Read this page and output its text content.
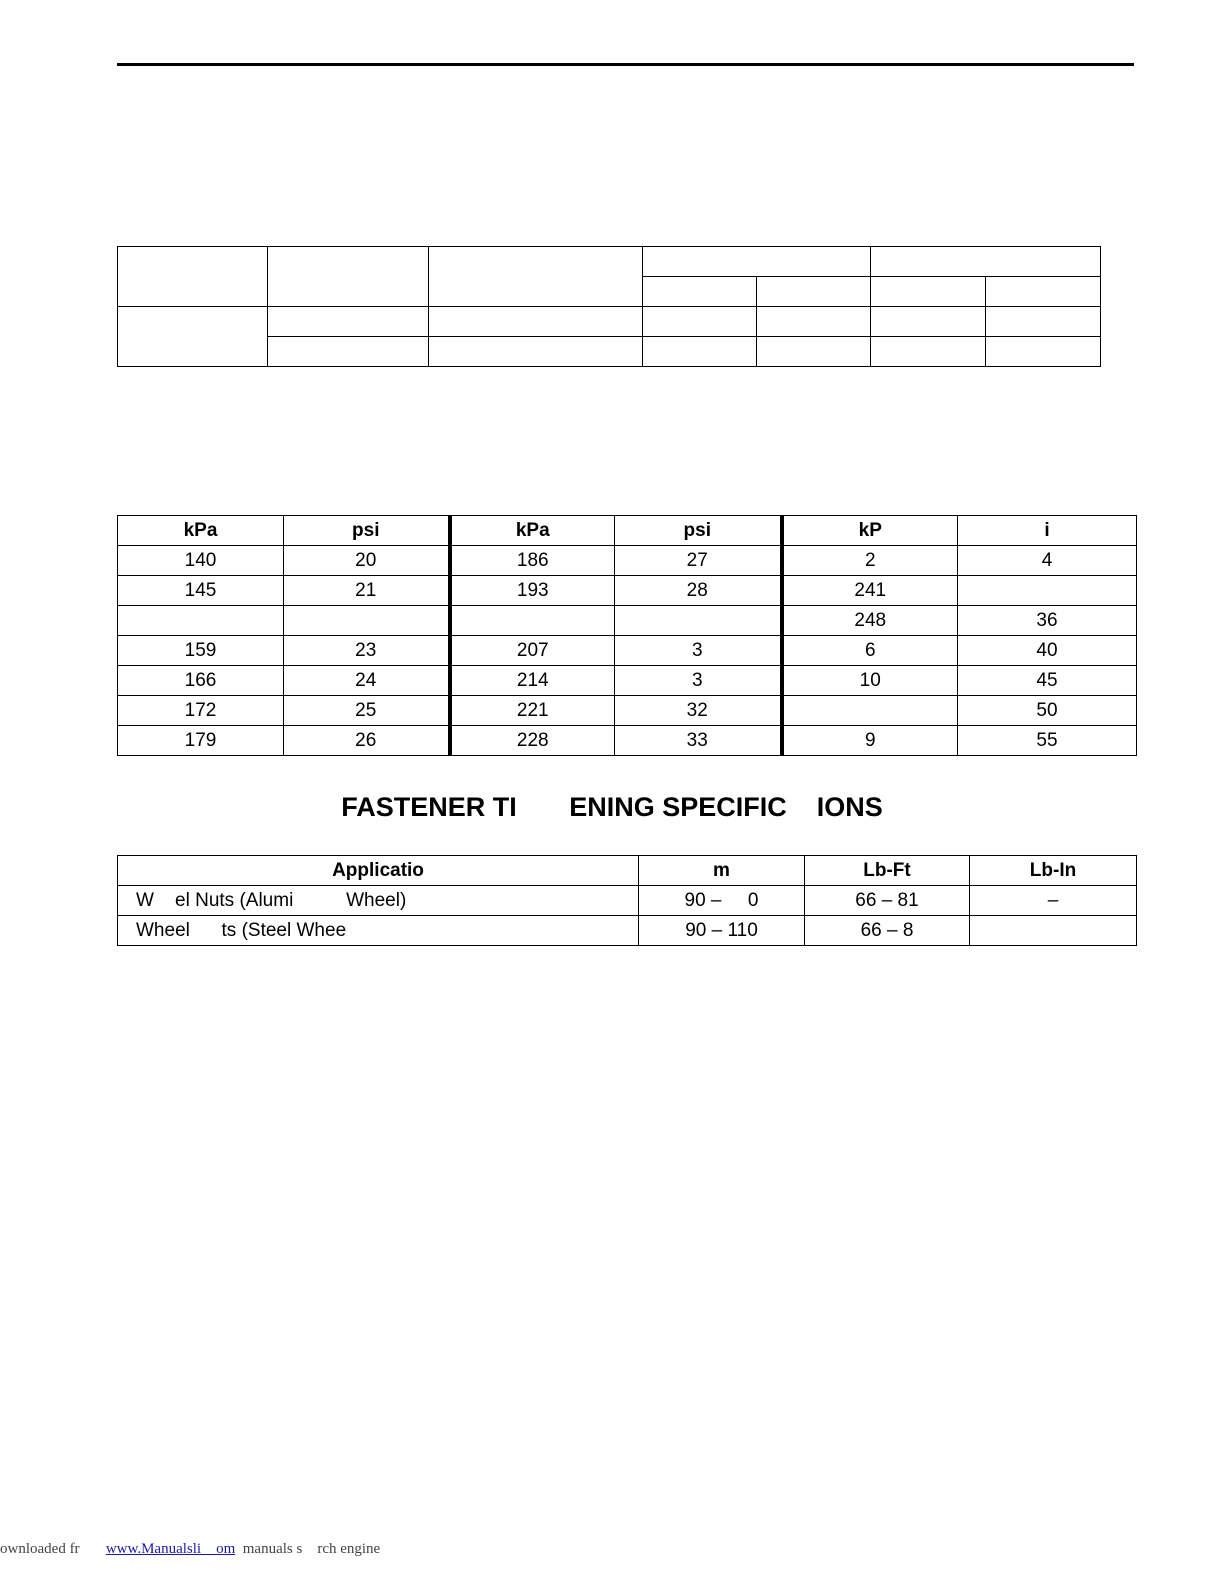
kPa	psi	kPa	psi	kP	i
140	20	186	27	2	4
145	21	193	28	241	
				248	36
159	23	207	3	6	40
166	24	214	3	10	45
172	25	221	32		50
179	26	228	33	9	55
FASTENER TI       ENING SPECIFIC    IONS
Applicatio	m	Lb-Ft	Lb-In
W    el Nuts (Alumi          Wheel)	90 –     0	66 – 81	–
Wheel      ts (Steel Whee	90 – 110	66 – 8	
ownloaded fr www.Manualsli    om manuals s    rch engine
